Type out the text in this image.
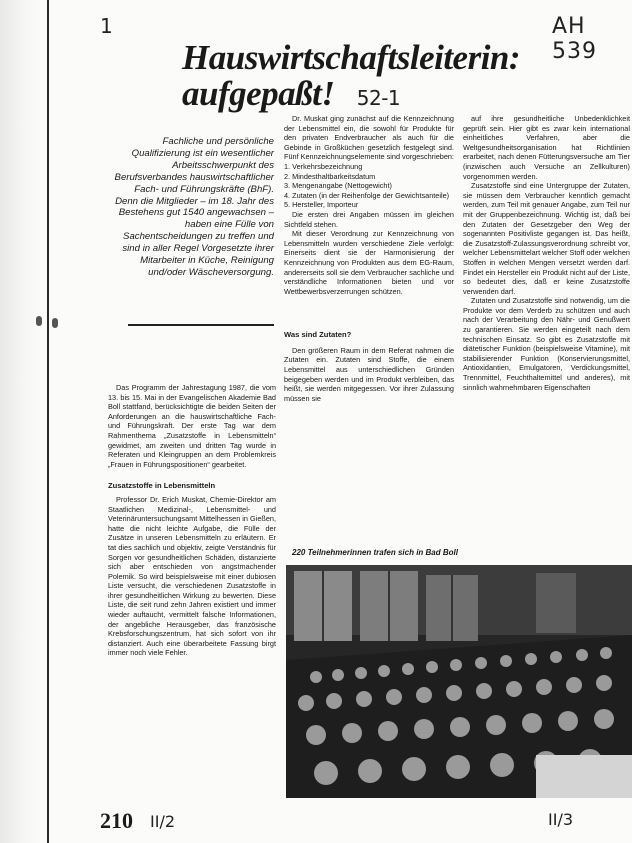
1	AH 539
Hauswirtschaftsleiterin:
aufgepaßt! 52-1
Fachliche und persönliche Qualifizierung ist ein wesentlicher Arbeitsschwerpunkt des Berufsverbandes hauswirtschaftlicher Fach- und Führungskräfte (BhF). Denn die Mitglieder – im 18. Jahr des Bestehens gut 1540 angewachsen – haben eine Fülle von Sachentscheidungen zu treffen und sind in aller Regel Vorgesetzte ihrer Mitarbeiter in Küche, Reinigung und/oder Wäscheversorgung.

Das Programm der Jahrestagung 1987, die vom 13. bis 15. Mai in der Evangelischen Akademie Bad Boll stattfand, berücksichtigte die beiden Seiten der Anforderungen an die hauswirtschaftliche Fach- und Führungskraft. Der erste Tag war dem Rahmenthema „Zusatzstoffe in Lebensmitteln“ gewidmet, am zweiten und dritten Tag wurde in Referaten und Kleingruppen an dem Problemkreis „Frauen in Führungspositionen“ gearbeitet.

Zusatzstoffe in Lebensmitteln

Professor Dr. Erich Muskat, Chemie-Direktor am Staatlichen Medizinal-, Lebensmittel- und Veterinäruntersuchungsamt Mittelhessen in Gießen, hatte die nicht leichte Aufgabe, die Fülle der Zusätze in unseren Lebensmitteln zu erläutern. Er tat dies sachlich und objektiv, zeigte Verständnis für Sorgen vor gesundheitlichen Schäden, distanzierte sich aber entschieden von angstmachender Polemik. So wird beispielsweise mit einer dubiosen Liste versucht, die verschiedenen Zusatzstoffe in ihrer gesundheitlichen Wirkung zu bewerten. Diese Liste, die seit rund zehn Jahren existiert und immer wieder auftaucht, vermittelt falsche Informationen, der angebliche Herausgeber, das französische Krebsforschungszentrum, hat sich sofort von ihr distanziert. Auch eine überarbeitete Fassung birgt immer noch viele Fehler.

Dr. Muskat ging zunächst auf die Kennzeichnung der Lebensmittel ein, die sowohl für Produkte für den privaten Endverbraucher als auch für die Gebinde in Großküchen gesetzlich festgelegt sind. Fünf Kennzeichnungselemente sind vorgeschrieben:

1. Verkehrsbezeichnung
2. Mindesthaltbarkeitsdatum
3. Mengenangabe (Nettogewicht)
4. Zutaten (in der Reihenfolge der Gewichtsanteile)
5. Hersteller, Importeur

Die ersten drei Angaben müssen im gleichen Sichtfeld stehen.

Mit dieser Verordnung zur Kennzeichnung von Lebensmitteln wurden verschiedene Ziele verfolgt: Einerseits dient sie der Harmonisierung der Kennzeichnung von Produkten aus dem EG-Raum, andererseits soll sie dem Verbraucher sachliche und verständliche Informationen bieten und vor Wettbewerbsverzerrungen schützen.

Was sind Zutaten?

Den größeren Raum in dem Referat nahmen die Zutaten ein. Zutaten sind Stoffe, die einem Lebensmittel aus unterschiedlichen Gründen beigegeben werden und im Produkt verbleiben, das heißt, sie werden mitgegessen. Vor ihrer Zulassung müssen sie

auf ihre gesundheitliche Unbedenklichkeit geprüft sein. Hier gibt es zwar kein international einheitliches Verfahren, aber die Weltgesundheitsorganisation hat Richtlinien erarbeitet, nach denen Fütterungsversuche am Tier (inzwischen auch Versuche an Zellkulturen) vorgenommen werden.

Zusatzstoffe sind eine Untergruppe der Zutaten, sie müssen dem Verbraucher kenntlich gemacht werden, zum Teil mit genauer Angabe, zum Teil nur mit der Gruppenbezeichnung. Wichtig ist, daß bei den Zutaten der Gesetzgeber den Weg der sogenannten Positivliste gegangen ist. Das heißt, die Zusatzstoff-Zulassungsverordnung schreibt vor, welcher Lebensmittelart welcher Stoff oder welchen Stoffen in welchen Mengen versetzt werden darf. Findet ein Hersteller ein Produkt nicht auf der Liste, so bedeutet dies, daß er keine Zusatzstoffe verwenden darf.

Zutaten und Zusatzstoffe sind notwendig, um die Produkte vor dem Verderb zu schützen und auch nach der Verarbeitung den Nähr- und Genußwert zu garantieren. Sie werden eingeteilt nach dem technischen Einsatz. So gibt es Zusatzstoffe mit diätetischer Funktion (beispielsweise Vitamine), mit stabilisierender Funktion (Konservierungsmittel, Antioxidantien, Emulgatoren, Verdickungsmittel, Trennmittel, Feuchthaltemittel und anderes), mit sinnlich wahrnehmbaren Eigenschaften

220 Teilnehmerinnen trafen sich in Bad Boll
210 II/2	II/3
